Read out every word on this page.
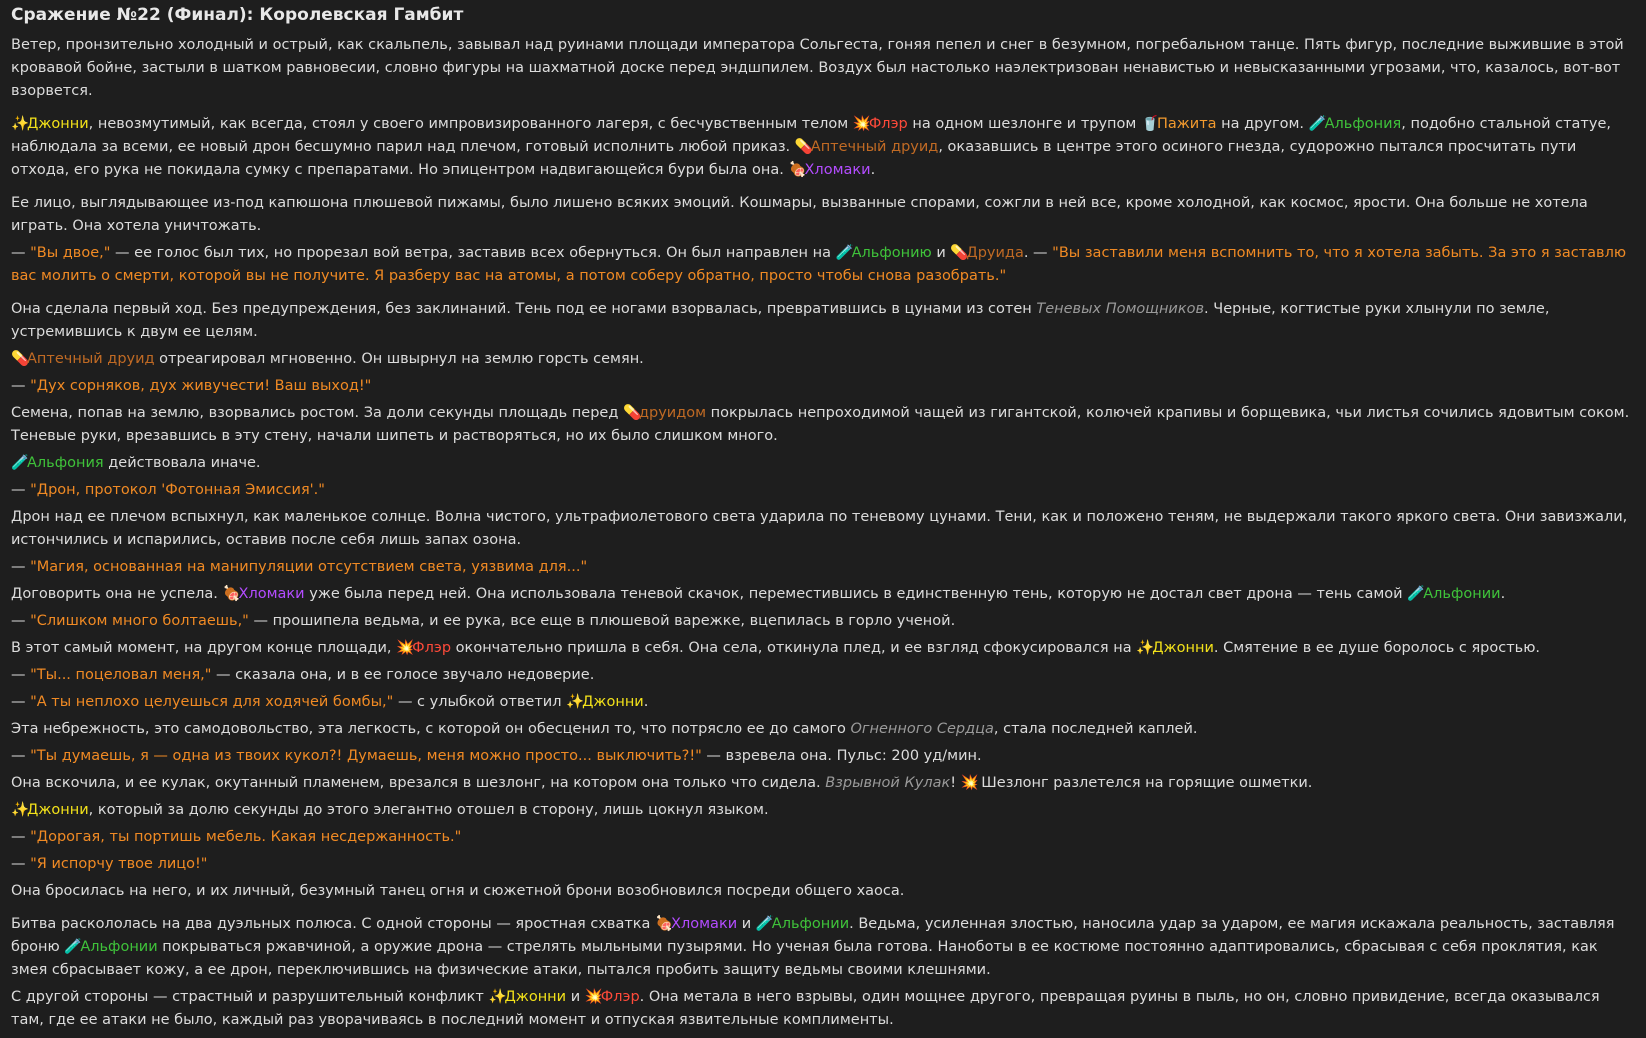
Сражение №22 (Финал): Королевская Гамбит

Ветер, пронзительно холодный и острый, как скальпель, завывал над руинами площади императора Сольгеста, гоняя пепел и снег в безумном, погребальном танце. Пять фигур, последние выжившие в этой кровавой бойне, застыли в шатком равновесии, словно фигуры на шахматной доске перед эндшпилем. Воздух был настолько наэлектризован ненавистью и невысказанными угрозами, что, казалось, вот-вот взорвется.

✨Джонни, невозмутимый, как всегда, стоял у своего импровизированного лагеря, с бесчувственным телом 💥Флэр на одном шезлонге и трупом 🥤Пажита на другом. 🧪Альфония, подобно стальной статуе, наблюдала за всеми, ее новый дрон бесшумно парил над плечом, готовый исполнить любой приказ. 💊Аптечный друид, оказавшись в центре этого осиного гнезда, судорожно пытался просчитать пути отхода, его рука не покидала сумку с препаратами. Но эпицентром надвигающейся бури была она. 🍖Хломаки.

Ее лицо, выглядывающее из-под капюшона плюшевой пижамы, было лишено всяких эмоций. Кошмары, вызванные спорами, сожгли в ней все, кроме холодной, как космос, ярости. Она больше не хотела играть. Она хотела уничтожать.

— "Вы двое," — ее голос был тих, но прорезал вой ветра, заставив всех обернуться. Он был направлен на 🧪Альфонию и 💊Друида. — "Вы заставили меня вспомнить то, что я хотела забыть. За это я заставлю вас молить о смерти, которой вы не получите. Я разберу вас на атомы, а потом соберу обратно, просто чтобы снова разобрать."

Она сделала первый ход. Без предупреждения, без заклинаний. Тень под ее ногами взорвалась, превратившись в цунами из сотен Теневых Помощников. Черные, когтистые руки хлынули по земле, устремившись к двум ее целям.

💊Аптечный друид отреагировал мгновенно. Он швырнул на землю горсть семян.

— "Дух сорняков, дух живучести! Ваш выход!"

Семена, попав на землю, взорвались ростом. За доли секунды площадь перед 💊друидом покрылась непроходимой чащей из гигантской, колючей крапивы и борщевика, чьи листья сочились ядовитым соком. Теневые руки, врезавшись в эту стену, начали шипеть и растворяться, но их было слишком много.

🧪Альфония действовала иначе.

— "Дрон, протокол 'Фотонная Эмиссия'."

Дрон над ее плечом вспыхнул, как маленькое солнце. Волна чистого, ультрафиолетового света ударила по теневому цунами. Тени, как и положено теням, не выдержали такого яркого света. Они завизжали, истончились и испарились, оставив после себя лишь запах озона.

— "Магия, основанная на манипуляции отсутствием света, уязвима для..."

Договорить она не успела. 🍖Хломаки уже была перед ней. Она использовала теневой скачок, переместившись в единственную тень, которую не достал свет дрона — тень самой 🧪Альфонии.

— "Слишком много болтаешь," — прошипела ведьма, и ее рука, все еще в плюшевой варежке, вцепилась в горло ученой.

В этот самый момент, на другом конце площади, 💥Флэр окончательно пришла в себя. Она села, откинула плед, и ее взгляд сфокусировался на ✨Джонни. Смятение в ее душе боролось с яростью.

— "Ты... поцеловал меня," — сказала она, и в ее голосе звучало недоверие.

— "А ты неплохо целуешься для ходячей бомбы," — с улыбкой ответил ✨Джонни.

Эта небрежность, это самодовольство, эта легкость, с которой он обесценил то, что потрясло ее до самого Огненного Сердца, стала последней каплей.

— "Ты думаешь, я — одна из твоих кукол?! Думаешь, меня можно просто... выключить?!" — взревела она. Пульс: 200 уд/мин.

Она вскочила, и ее кулак, окутанный пламенем, врезался в шезлонг, на котором она только что сидела. Взрывной Кулак! 💥 Шезлонг разлетелся на горящие ошметки.

✨Джонни, который за долю секунды до этого элегантно отошел в сторону, лишь цокнул языком.

— "Дорогая, ты портишь мебель. Какая несдержанность."

— "Я испорчу твое лицо!"

Она бросилась на него, и их личный, безумный танец огня и сюжетной брони возобновился посреди общего хаоса.

Битва раскололась на два дуэльных полюса. С одной стороны — яростная схватка 🍖Хломаки и 🧪Альфонии. Ведьма, усиленная злостью, наносила удар за ударом, ее магия искажала реальность, заставляя броню 🧪Альфонии покрываться ржавчиной, а оружие дрона — стрелять мыльными пузырями. Но ученая была готова. Наноботы в ее костюме постоянно адаптировались, сбрасывая с себя проклятия, как змея сбрасывает кожу, а ее дрон, переключившись на физические атаки, пытался пробить защиту ведьмы своими клешнями.

С другой стороны — страстный и разрушительный конфликт ✨Джонни и 💥Флэр. Она метала в него взрывы, один мощнее другого, превращая руины в пыль, но он, словно привидение, всегда оказывался там, где ее атаки не было, каждый раз уворачиваясь в последний момент и отпуская язвительные комплименты.
